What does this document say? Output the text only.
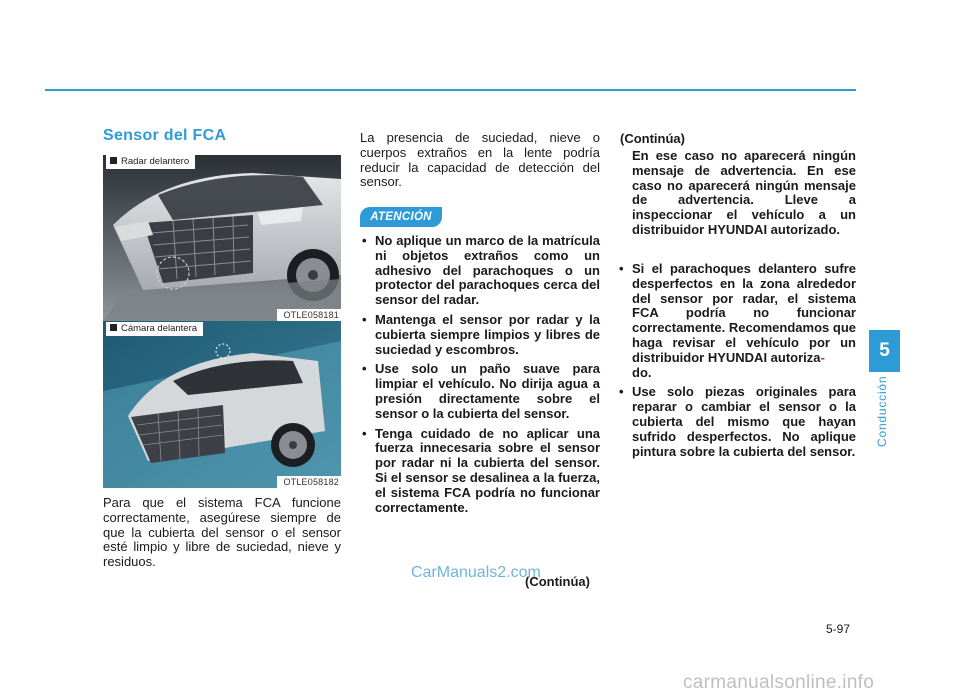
Sensor del FCA
Radar delantero
OTLE058181
Cámara delantera
OTLE058182
Para que el sistema FCA funcione correctamente, asegúrese siempre de que la cubierta del sensor o el sensor esté limpio y libre de suciedad, nieve y residuos.
La presencia de suciedad, nieve o cuerpos extraños en la lente podría reducir la capacidad de detección del sensor.
ATENCIÓN
• No aplique un marco de la matrícula ni objetos extraños como un adhesivo del parachoques o un protector del parachoques cerca del sensor del radar.
• Mantenga el sensor por radar y la cubierta siempre limpios y libres de suciedad y escombros.
• Use solo un paño suave para limpiar el vehículo. No dirija agua a presión directamente sobre el sensor o la cubierta del sensor.
• Tenga cuidado de no aplicar una fuerza innecesaria sobre el sensor por radar ni la cubierta del sensor. Si el sensor se desalinea a la fuerza, el sistema FCA podría no funcionar correctamente.
(Continúa)
(Continúa)
En ese caso no aparecerá ningún mensaje de advertencia. En ese caso no aparecerá ningún mensaje de advertencia. Lleve a inspeccionar el vehículo a un distribuidor HYUNDAI autorizado.
• Si el parachoques delantero sufre desperfectos en la zona alrededor del sensor por radar, el sistema FCA podría no funcionar correctamente. Recomendamos que haga revisar el vehículo por un distribuidor HYUNDAI autoriza-
do.
• Use solo piezas originales para reparar o cambiar el sensor o la cubierta del mismo que hayan sufrido desperfectos. No aplique pintura sobre la cubierta del sensor.
CarManuals2.com
5
Conducción
5-97
carmanualsonline.info
